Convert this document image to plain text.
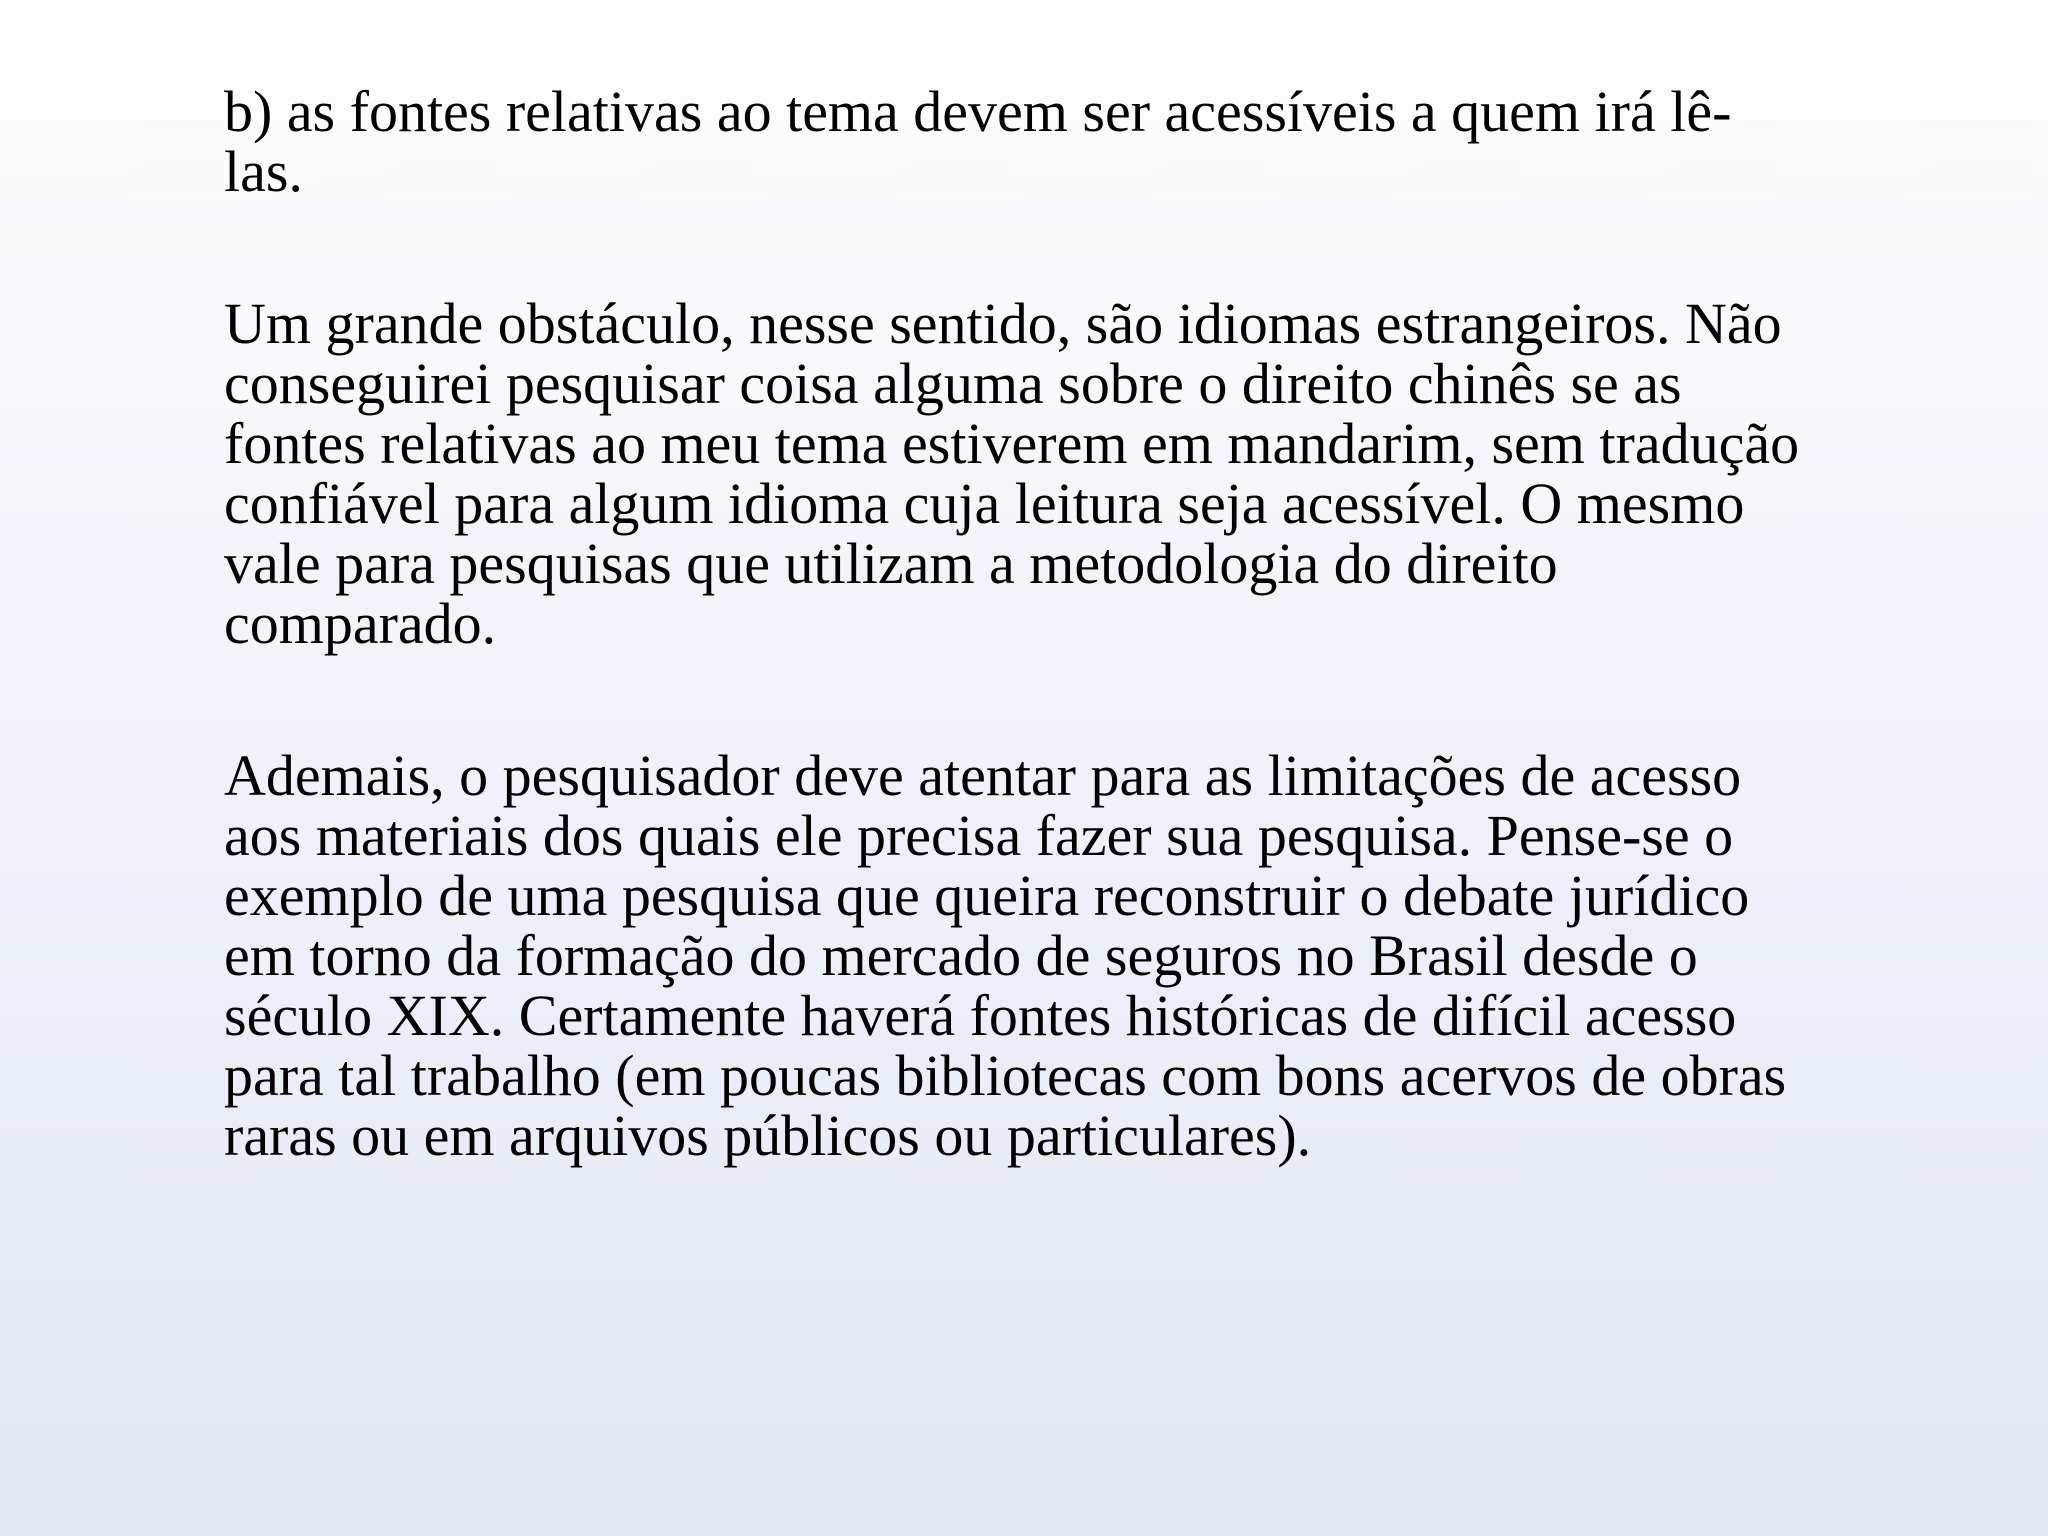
b) as fontes relativas ao tema devem ser acessíveis a quem irá lê-
las.

Um grande obstáculo, nesse sentido, são idiomas estrangeiros. Não
conseguirei pesquisar coisa alguma sobre o direito chinês se as
fontes relativas ao meu tema estiverem em mandarim, sem tradução
confiável para algum idioma cuja leitura seja acessível. O mesmo
vale para pesquisas que utilizam a metodologia do direito
comparado.

Ademais, o pesquisador deve atentar para as limitações de acesso
aos materiais dos quais ele precisa fazer sua pesquisa. Pense-se o
exemplo de uma pesquisa que queira reconstruir o debate jurídico
em torno da formação do mercado de seguros no Brasil desde o
século XIX. Certamente haverá fontes históricas de difícil acesso
para tal trabalho (em poucas bibliotecas com bons acervos de obras
raras ou em arquivos públicos ou particulares).
